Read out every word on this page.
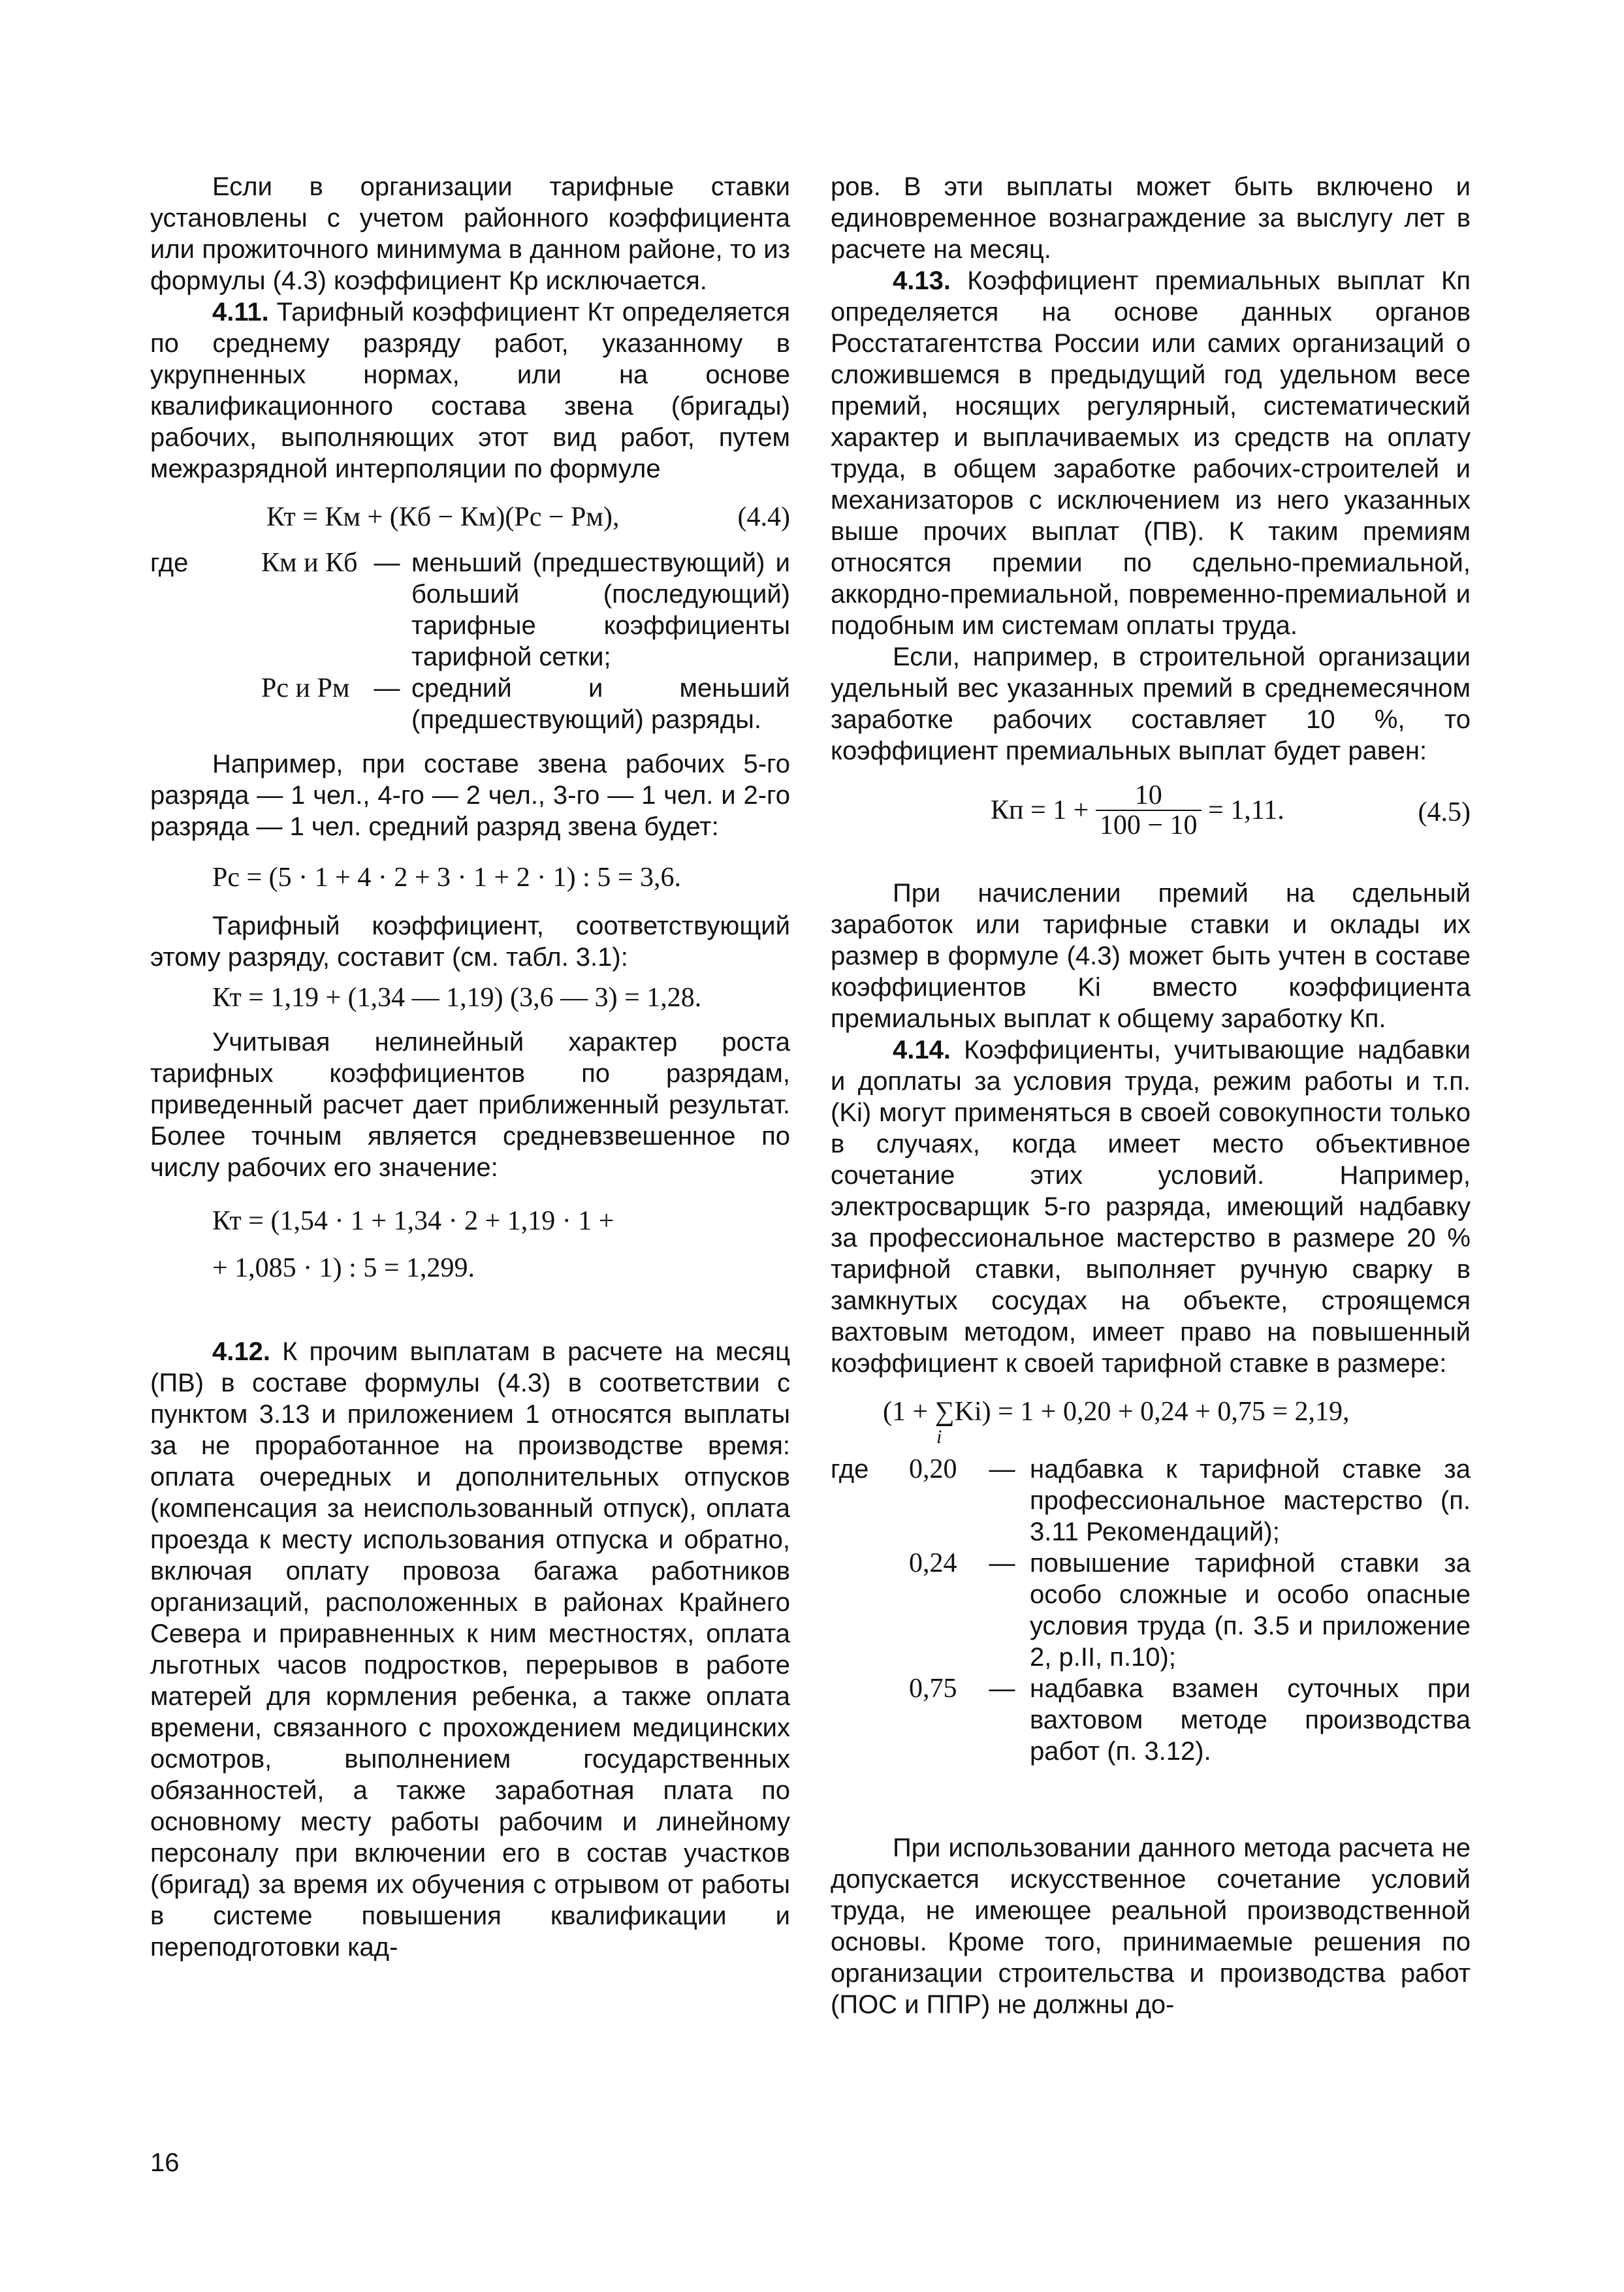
Если в организации тарифные ставки установлены с учетом районного коэффициента или прожиточного минимума в данном районе, то из формулы (4.3) коэффициент Кр исключается.

4.11. Тарифный коэффициент Кт определяется по среднему разряду работ, указанному в укрупненных нормах, или на основе квалификационного состава звена (бригады) рабочих, выполняющих этот вид работ, путем межразрядной интерполяции по формуле

Кт = Км + (Кб − Км)(Рс − Рм),	(4.4)
где	Км и Кб	—	меньший (предшествующий) и больший (последующий) тарифные коэффициенты тарифной сетки;
	Рс и Рм	—	средний и меньший (предшествующий) разряды.

Например, при составе звена рабочих 5-го разряда — 1 чел., 4-го — 2 чел., 3-го — 1 чел. и 2-го разряда — 1 чел. средний разряд звена будет:

Рс = (5 · 1 + 4 · 2 + 3 · 1 + 2 · 1) : 5 = 3,6.

Тарифный коэффициент, соответствующий этому разряду, составит (см. табл. 3.1):

Кт = 1,19 + (1,34 — 1,19) (3,6 — 3) = 1,28.

Учитывая нелинейный характер роста тарифных коэффициентов по разрядам, приведенный расчет дает приближенный результат. Более точным является средневзвешенное по числу рабочих его значение:

Кт = (1,54 · 1 + 1,34 · 2 + 1,19 · 1 +
+ 1,085 · 1) : 5 = 1,299.

4.12. К прочим выплатам в расчете на месяц (ПВ) в составе формулы (4.3) в соответствии с пунктом 3.13 и приложением 1 относятся выплаты за не проработанное на производстве время: оплата очередных и дополнительных отпусков (компенсация за неиспользованный отпуск), оплата проезда к месту использования отпуска и обратно, включая оплату провоза багажа работников организаций, расположенных в районах Крайнего Севера и приравненных к ним местностях, оплата льготных часов подростков, перерывов в работе матерей для кормления ребенка, а также оплата времени, связанного с прохождением медицинских осмотров, выполнением государственных обязанностей, а также заработная плата по основному месту работы рабочим и линейному персоналу при включении его в состав участков (бригад) за время их обучения с отрывом от работы в системе повышения квалификации и переподготовки кад-

ров. В эти выплаты может быть включено и единовременное вознаграждение за выслугу лет в расчете на месяц.

4.13. Коэффициент премиальных выплат Кп определяется на основе данных органов Росстатагентства России или самих организаций о сложившемся в предыдущий год удельном весе премий, носящих регулярный, систематический характер и выплачиваемых из средств на оплату труда, в общем заработке рабочих-строителей и механизаторов с исключением из него указанных выше прочих выплат (ПВ). К таким премиям относятся премии по сдельно-премиальной, аккордно-премиальной, повременно-премиальной и подобным им системам оплаты труда.

Если, например, в строительной организации удельный вес указанных премий в среднемесячном заработке рабочих составляет 10 %, то коэффициент премиальных выплат будет равен:

Кп = $1 + \frac{10}{100 - 10} = 1,11$.	(4.5)

При начислении премий на сдельный заработок или тарифные ставки и оклады их размер в формуле (4.3) может быть учтен в составе коэффициентов Ki вместо коэффициента премиальных выплат к общему заработку Кп.

4.14. Коэффициенты, учитывающие надбавки и доплаты за условия труда, режим работы и т.п. (Ki) могут применяться в своей совокупности только в случаях, когда имеет место объективное сочетание этих условий. Например, электросварщик 5-го разряда, имеющий надбавку за профессиональное мастерство в размере 20 % тарифной ставки, выполняет ручную сварку в замкнутых сосудах на объекте, строящемся вахтовым методом, имеет право на повышенный коэффициент к своей тарифной ставке в размере:

(1 + ∑Ki) = 1 + 0,20 + 0,24 + 0,75 = 2,19,
i
где	0,20	—	надбавка к тарифной ставке за профессиональное мастерство (п. 3.11 Рекомендаций);
	0,24	—	повышение тарифной ставки за особо сложные и особо опасные условия труда (п. 3.5 и приложение 2, р.II, п.10);
	0,75	—	надбавка взамен суточных при вахтовом методе производства работ (п. 3.12).

При использовании данного метода расчета не допускается искусственное сочетание условий труда, не имеющее реальной производственной основы. Кроме того, принимаемые решения по организации строительства и производства работ (ПОС и ППР) не должны до-

16
